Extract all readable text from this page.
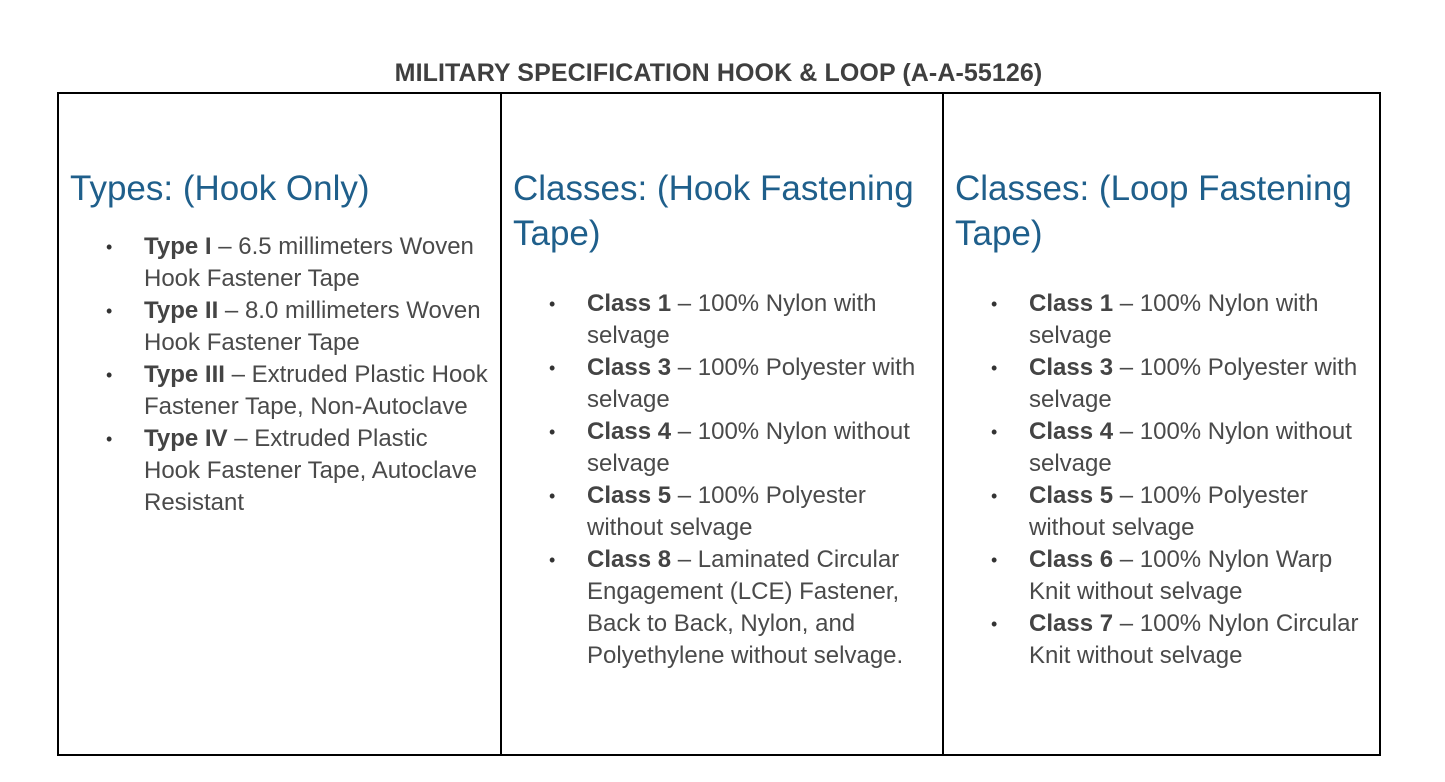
MILITARY SPECIFICATION HOOK & LOOP (A-A-55126)
Types: (Hook Only)
• Type I – 6.5 millimeters Woven Hook Fastener Tape
• Type II – 8.0 millimeters Woven Hook Fastener Tape
• Type III – Extruded Plastic Hook Fastener Tape, Non-Autoclave
• Type IV – Extruded Plastic Hook Fastener Tape, Autoclave Resistant
Classes: (Hook Fastening Tape)
• Class 1 – 100% Nylon with selvage
• Class 3 – 100% Polyester with selvage
• Class 4 – 100% Nylon without selvage
• Class 5 – 100% Polyester without selvage
• Class 8 – Laminated Circular Engagement (LCE) Fastener, Back to Back, Nylon, and Polyethylene without selvage.
Classes: (Loop Fastening Tape)
• Class 1 – 100% Nylon with selvage
• Class 3 – 100% Polyester with selvage
• Class 4 – 100% Nylon without selvage
• Class 5 – 100% Polyester without selvage
• Class 6 – 100% Nylon Warp Knit without selvage
• Class 7 – 100% Nylon Circular Knit without selvage
